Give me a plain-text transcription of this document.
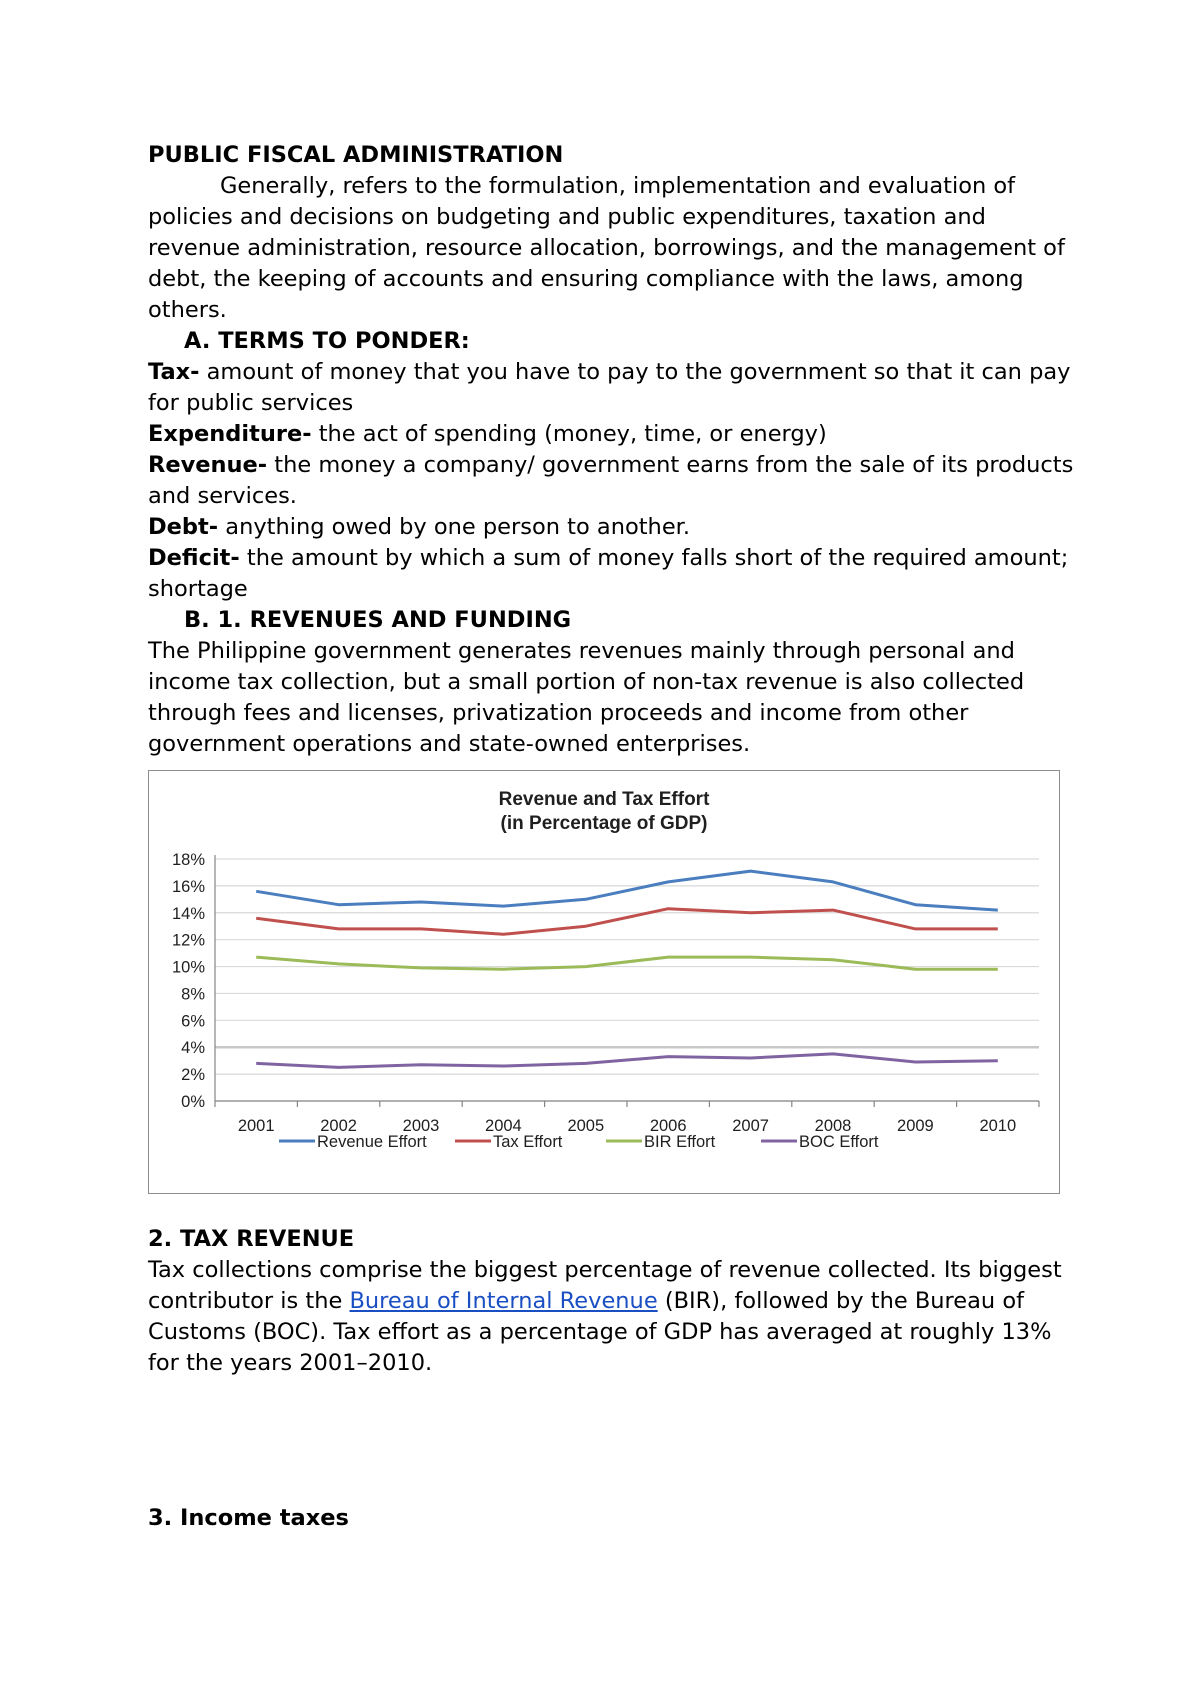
PUBLIC FISCAL ADMINISTRATION

Generally, refers to the formulation, implementation and evaluation of policies and decisions on budgeting and public expenditures, taxation and revenue administration, resource allocation, borrowings, and the management of debt, the keeping of accounts and ensuring compliance with the laws, among others.

A. TERMS TO PONDER:

Tax- amount of money that you have to pay to the government so that it can pay for public services

Expenditure- the act of spending (money, time, or energy)

Revenue- the money a company/ government earns from the sale of its products and services.

Debt- anything owed by one person to another.

Deficit- the amount by which a sum of money falls short of the required amount; shortage

B. 1. REVENUES AND FUNDING

The Philippine government generates revenues mainly through personal and income tax collection, but a small portion of non-tax revenue is also collected through fees and licenses, privatization proceeds and income from other government operations and state-owned enterprises.

Revenue and Tax Effort
(in Percentage of GDP)
0%
2%
4%
6%
8%
10%
12%
14%
16%
18%
2001	2002	2003	2004	2005	2006	2007	2008	2009	2010
Revenue Effort	Tax Effort	BIR Effort	BOC Effort

2. TAX REVENUE

Tax collections comprise the biggest percentage of revenue collected. Its biggest contributor is the Bureau of Internal Revenue (BIR), followed by the Bureau of Customs (BOC). Tax effort as a percentage of GDP has averaged at roughly 13% for the years 2001–2010.

3. Income taxes
